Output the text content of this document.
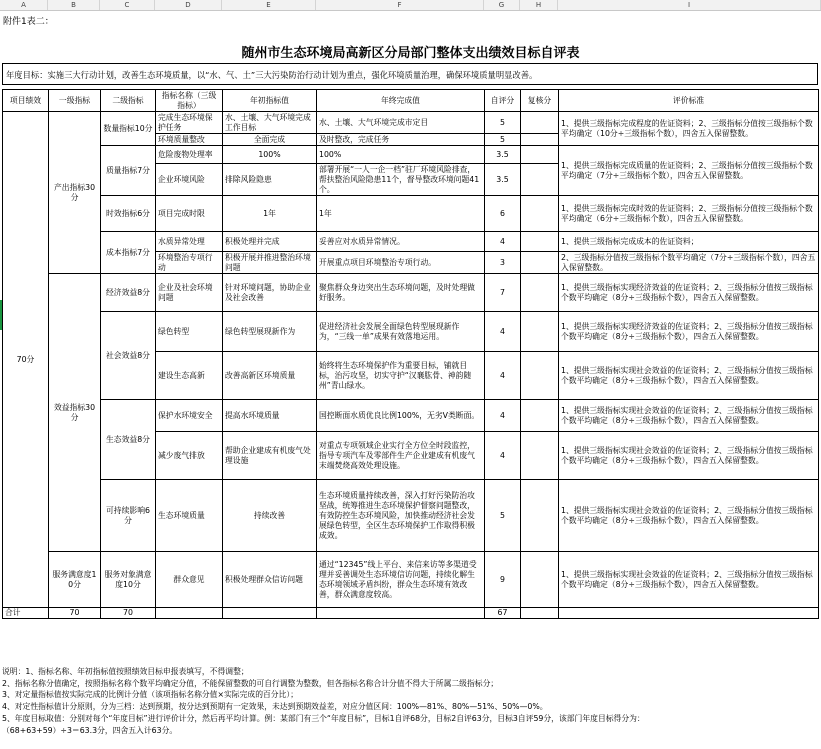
A	B	C	D	E	F	G	H	I
附件1表二：
随州市生态环境局高新区分局部门整体支出绩效目标自评表
年度目标：实施三大行动计划，改善生态环境质量，以“水、气、土”三大污染防治行动计划为重点，强化环境质量治理，确保环境质量明显改善。
项目绩效	一级指标	二级指标	指标名称（三级指标）	年初指标值	年终完成值	自评分	复核分	评价标准
70分	产出指标30分	数量指标10分	完成生态环境保护任务	水、土壤、大气环境完成工作目标	水、土壤、大气环境完成市定目	5		1、提供三级指标完成程度的佐证资料；2、三级指标分值按三级指标个数平均确定（10分÷三级指标个数），四舍五入保留整数。
			环境质量整改	全面完成	及时整改，完成任务	5		
		质量指标7分	危险废物处理率	100%	100%	3.5		1、提供三级指标完成质量的佐证资料；2、三级指标分值按三级指标个数平均确定（7分÷三级指标个数），四舍五入保留整数。
			企业环境风险	排除风险隐患	部署开展“一人一企一档”驻厂环境风险排查，帮扶整治风险隐患11个，督导整改环境问题41个。	3.5		
		时效指标6分	项目完成时限	1年	1年	6		1、提供三级指标完成时效的佐证资料；2、三级指标分值按三级指标个数平均确定（6分÷三级指标个数），四舍五入保留整数。
		成本指标7分	水质异常处理	积极处理并完成	妥善应对水质异常情况。	4		1、提供三级指标完成成本的佐证资料；
			环境整治专项行动	积极开展并推进整治环境问题	开展重点项目环境整治专项行动。	3		2、三级指标分值按三级指标个数平均确定（7分÷三级指标个数），四舍五入保留整数。
	效益指标30分	经济效益8分	企业及社会环境问题	针对环境问题，协助企业及社会改善	聚焦群众身边突出生态环境问题，及时处理做好服务。	7		1、提供三级指标实现经济效益的佐证资料；2、三级指标分值按三级指标个数平均确定（8分÷三级指标个数），四舍五入保留整数。
		社会效益8分	绿色转型	绿色转型展现新作为	促进经济社会发展全面绿色转型展现新作为，“三线一单”成果有效落地运用。	4		1、提供三级指标实现经济效益的佐证资料；2、三级指标分值按三级指标个数平均确定（8分÷三级指标个数），四舍五入保留整数。
			建设生态高新	改善高新区环境质量	始终将生态环境保护作为重要目标，铺就目标，治污攻坚，切实守护“汉襄肱骨、神韵随州”青山绿水。	4		1、提供三级指标实现社会效益的佐证资料；2、三级指标分值按三级指标个数平均确定（8分÷三级指标个数），四舍五入保留整数。
		生态效益8分	保护水环境安全	提高水环境质量	国控断面水质优良比例100%，无劣V类断面。	4		1、提供三级指标实现社会效益的佐证资料；2、三级指标分值按三级指标个数平均确定（8分÷三级指标个数），四舍五入保留整数。
			减少废气排放	帮助企业建成有机废气处理设施	对重点专项领域企业实行全方位全时段监控，指导专项汽车及零部件生产企业建成有机废气末端焚烧高效处理设施。	4		1、提供三级指标实现社会效益的佐证资料；2、三级指标分值按三级指标个数平均确定（8分÷三级指标个数），四舍五入保留整数。
		可持续影响6分	生态环境质量	持续改善	生态环境质量持续改善，深入打好污染防治攻坚战，统筹推进生态环境保护督察问题整改，有效防控生态环境风险，加快推动经济社会发展绿色转型，全区生态环境保护工作取得积极成效。	5		1、提供三级指标实现社会效益的佐证资料；2、三级指标分值按三级指标个数平均确定（8分÷三级指标个数），四舍五入保留整数。
	服务满意度10分	服务对象满意度10分	群众意见	积极处理群众信访问题	通过“12345”线上平台、来信来访等多渠道受理并妥善调处生态环境信访问题，持续化解生态环境领域矛盾纠纷，群众生态环境有效改善，群众满意度较高。	9		1、提供三级指标实现社会效益的佐证资料；2、三级指标分值按三级指标个数平均确定（8分÷三级指标个数），四舍五入保留整数。
合计	70	70				67		
说明：1、指标名称、年初指标值按照绩效目标申报表填写，不得调整；
2、指标名称分值确定，按照指标名称个数平均确定分值，不能保留整数的可自行调整为整数，但各指标名称合计分值不得大于所属二级指标分；
3、对定量指标值按实际完成的比例计分值（该项指标名称分值×实际完成的百分比）；
4、对定性指标值计分原则，分为三档：达到预期，按分达到预期有一定效果，未达到预期效益差，对应分值区间：100%—81%、80%—51%、50%—0%。
5、年度目标取值：分别对每个“年度目标”进行评价计分，然后再平均计算。例：某部门有三个“年度目标”，目标1自评68分，目标2自评63分，目标3自评59分，该部门年度目标得分为：
（68+63+59）÷3＝63.3分，四舍五入计63分。
